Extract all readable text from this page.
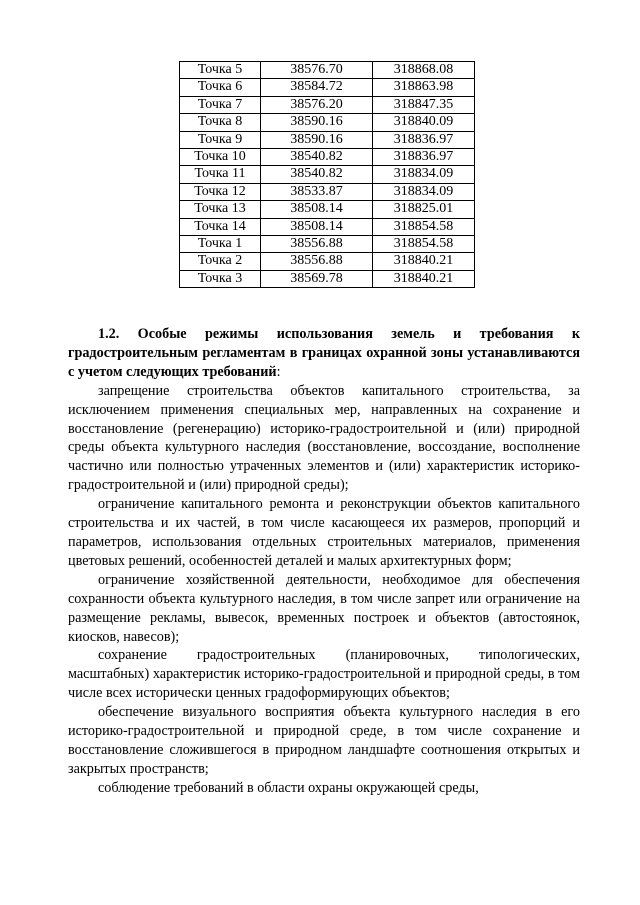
Точка 5	38576.70	318868.08
Точка 6	38584.72	318863.98
Точка 7	38576.20	318847.35
Точка 8	38590.16	318840.09
Точка 9	38590.16	318836.97
Точка 10	38540.82	318836.97
Точка 11	38540.82	318834.09
Точка 12	38533.87	318834.09
Точка 13	38508.14	318825.01
Точка 14	38508.14	318854.58
Точка 1	38556.88	318854.58
Точка 2	38556.88	318840.21
Точка 3	38569.78	318840.21

1.2. Особые режимы использования земель и требования к градостроительным регламентам в границах охранной зоны устанавливаются с учетом следующих требований:

запрещение строительства объектов капитального строительства, за исключением применения специальных мер, направленных на сохранение и восстановление (регенерацию) историко-градостроительной и (или) природной среды объекта культурного наследия (восстановление, воссоздание, восполнение частично или полностью утраченных элементов и (или) характеристик историко-градостроительной и (или) природной среды);

ограничение капитального ремонта и реконструкции объектов капитального строительства и их частей, в том числе касающееся их размеров, пропорций и параметров, использования отдельных строительных материалов, применения цветовых решений, особенностей деталей и малых архитектурных форм;

ограничение хозяйственной деятельности, необходимое для обеспечения сохранности объекта культурного наследия, в том числе запрет или ограничение на размещение рекламы, вывесок, временных построек и объектов (автостоянок, киосков, навесов);

сохранение градостроительных (планировочных, типологических, масштабных) характеристик историко-градостроительной и природной среды, в том числе всех исторически ценных градоформирующих объектов;

обеспечение визуального восприятия объекта культурного наследия в его историко-градостроительной и природной среде, в том числе сохранение и восстановление сложившегося в природном ландшафте соотношения открытых и закрытых пространств;

соблюдение требований в области охраны окружающей среды,
